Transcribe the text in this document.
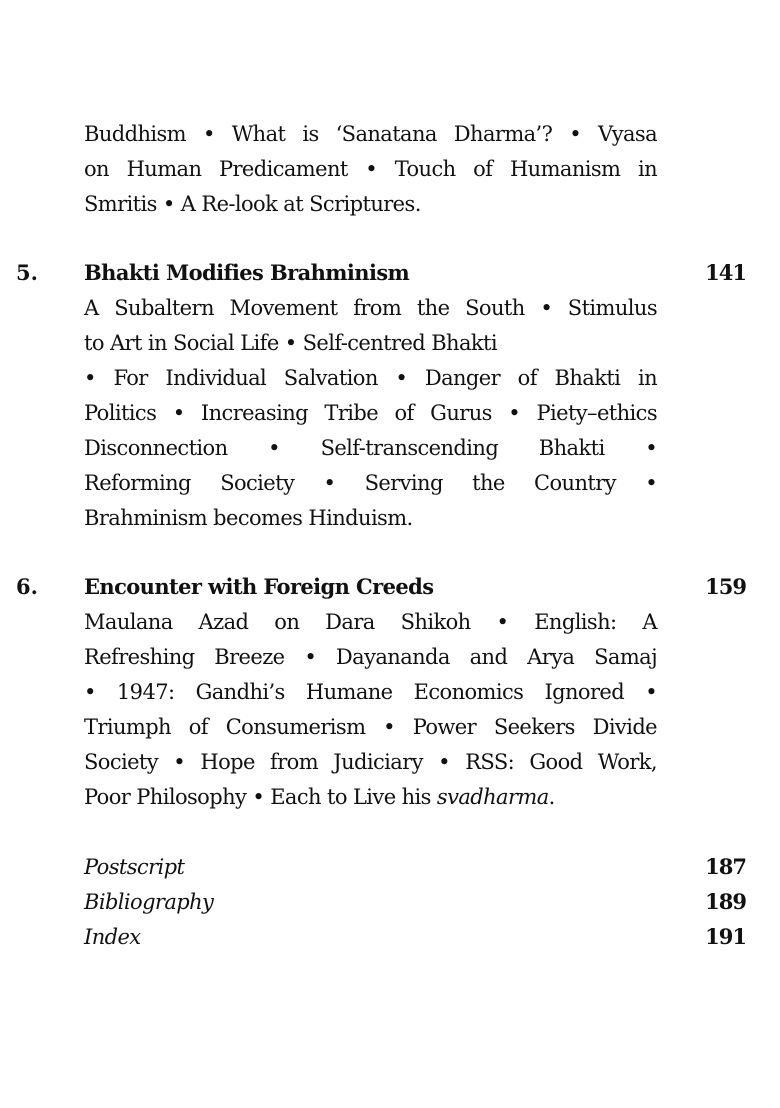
Buddhism • What is ‘Sanatana Dharma’? • Vyasa
on Human Predicament • Touch of Humanism in
Smritis • A Re-look at Scriptures.
5. Bhakti Modifies Brahminism	141
A Subaltern Movement from the South • Stimulus
to Art in Social Life • Self-centred Bhakti
• For Individual Salvation • Danger of Bhakti in
Politics • Increasing Tribe of Gurus • Piety–ethics
Disconnection • Self-transcending Bhakti •
Reforming Society • Serving the Country •
Brahminism becomes Hinduism.
6. Encounter with Foreign Creeds	159
Maulana Azad on Dara Shikoh • English: A
Refreshing Breeze • Dayananda and Arya Samaj
• 1947: Gandhi’s Humane Economics Ignored •
Triumph of Consumerism • Power Seekers Divide
Society • Hope from Judiciary • RSS: Good Work,
Poor Philosophy • Each to Live his svadharma.
Postscript	187
Bibliography	189
Index	191
